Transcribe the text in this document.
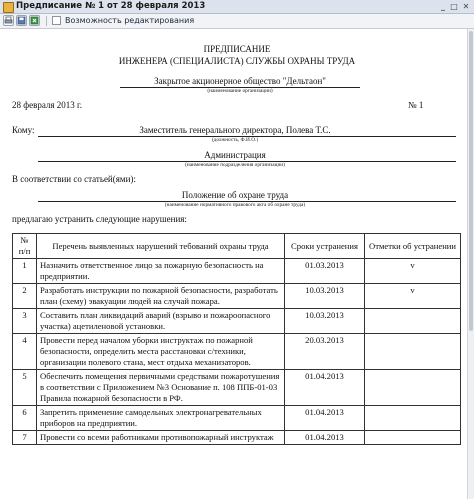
Предписание № 1 от 28 февраля 2013	_ □ ✕
Возможность редактирования
ПРЕДПИСАНИЕ
ИНЖЕНЕРА (СПЕЦИАЛИСТА) СЛУЖБЫ ОХРАНЫ ТРУДА
Закрытое акционерное общество "Дельтаон"
(наименование организации)
28 февраля 2013 г.	№ 1
Кому:	Заместитель генерального директора, Полева Т.С.
(должность, Ф.И.О.)
Администрация
(наименование подразделения организации)
В соответствии со статьей(ями):
Положение об охране труда
(наименование нормативного правового акта об охране труда)
предлагаю устранить следующие нарушения:
№ п/п	Перечень выявленных нарушений тебований охраны труда	Сроки устранения	Отметки об устранении
1	Назначить ответственное лицо за пожарную безопасность на предприятии.	01.03.2013	v
2	Разработать инструкции по пожарной безопасности, разработать план (схему) эвакуации людей на случай пожара.	10.03.2013	v
3	Составить план ликвидаций аварий (взрыво и пожароопасного участка) ацетиленовой установки.	10.03.2013	
4	Провести перед началом уборки инструктаж по пожарной безопасности, определить места расстановки с/техники, организации полевого стана, мест отдыха механизаторов.	20.03.2013	
5	Обеспечить помещения первичными средствами пожаротушения в соответствии с Приложением №3 Основание п. 108 ППБ-01-03 Правила пожарной безопасности в РФ.	01.04.2013	
6	Запретить применение самодельных электронагревательных приборов на предприятии.	01.04.2013	
7	Провести со всеми работниками противопожарный инструктаж	01.04.2013	
